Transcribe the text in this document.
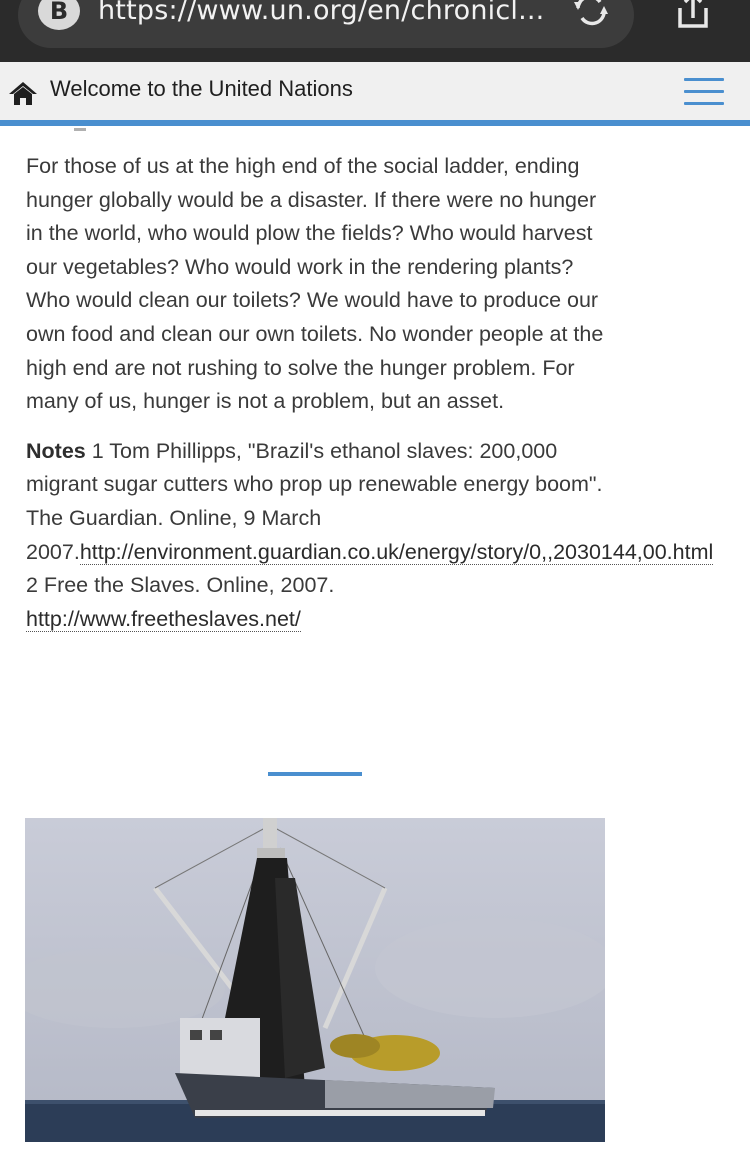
B	https://www.un.org/en/chronicl...
Welcome to the United Nations

For those of us at the high end of the social ladder, ending hunger globally would be a disaster. If there were no hunger in the world, who would plow the fields? Who would harvest our vegetables? Who would work in the rendering plants? Who would clean our toilets? We would have to produce our own food and clean our own toilets. No wonder people at the high end are not rushing to solve the hunger problem. For many of us, hunger is not a problem, but an asset.

Notes 1 Tom Phillipps, "Brazil's ethanol slaves: 200,000 migrant sugar cutters who prop up renewable energy boom". The Guardian. Online, 9 March 2007.http://environment.guardian.co.uk/energy/story/0,,2030144,00.html
2 Free the Slaves. Online, 2007.
http://www.freetheslaves.net/
